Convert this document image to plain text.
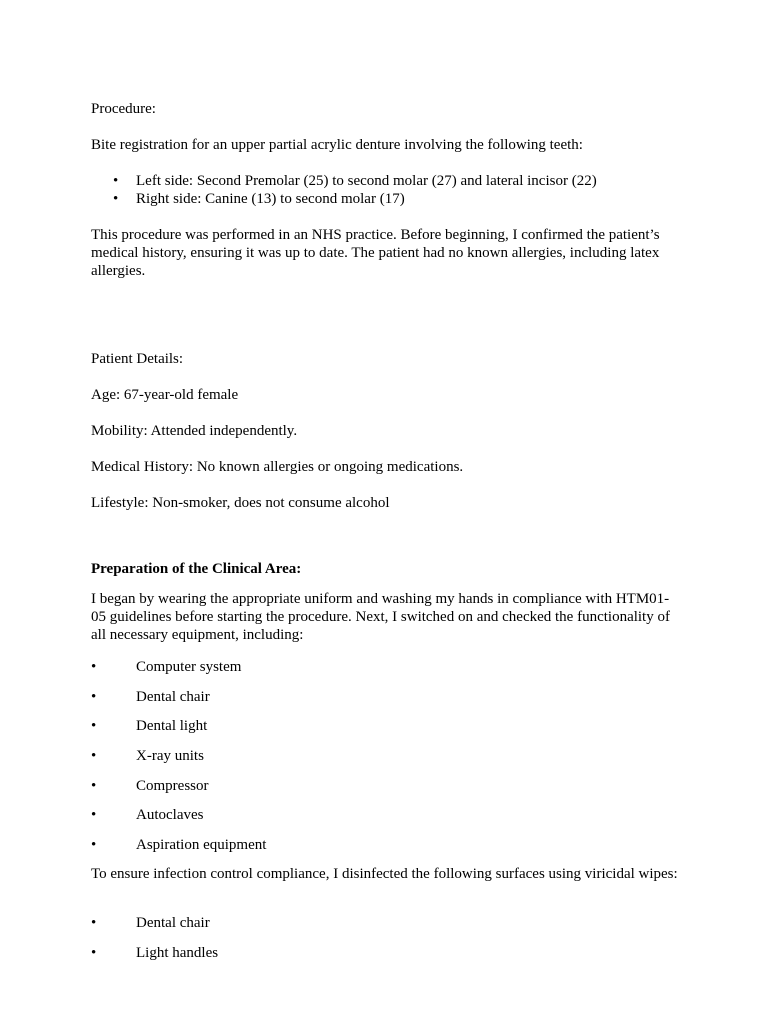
Procedure:

Bite registration for an upper partial acrylic denture involving the following teeth:

• Left side: Second Premolar (25) to second molar (27) and lateral incisor (22)
• Right side: Canine (13) to second molar (17)

This procedure was performed in an NHS practice. Before beginning, I confirmed the patient’s medical history, ensuring it was up to date. The patient had no known allergies, including latex allergies.

Patient Details:

Age: 67-year-old female

Mobility: Attended independently.

Medical History: No known allergies or ongoing medications.

Lifestyle: Non-smoker, does not consume alcohol

Preparation of the Clinical Area:

I began by wearing the appropriate uniform and washing my hands in compliance with HTM01-05 guidelines before starting the procedure. Next, I switched on and checked the functionality of all necessary equipment, including:

•	Computer system
•	Dental chair
•	Dental light
•	X-ray units
•	Compressor
•	Autoclaves
•	Aspiration equipment

To ensure infection control compliance, I disinfected the following surfaces using viricidal wipes:

•	Dental chair
•	Light handles
